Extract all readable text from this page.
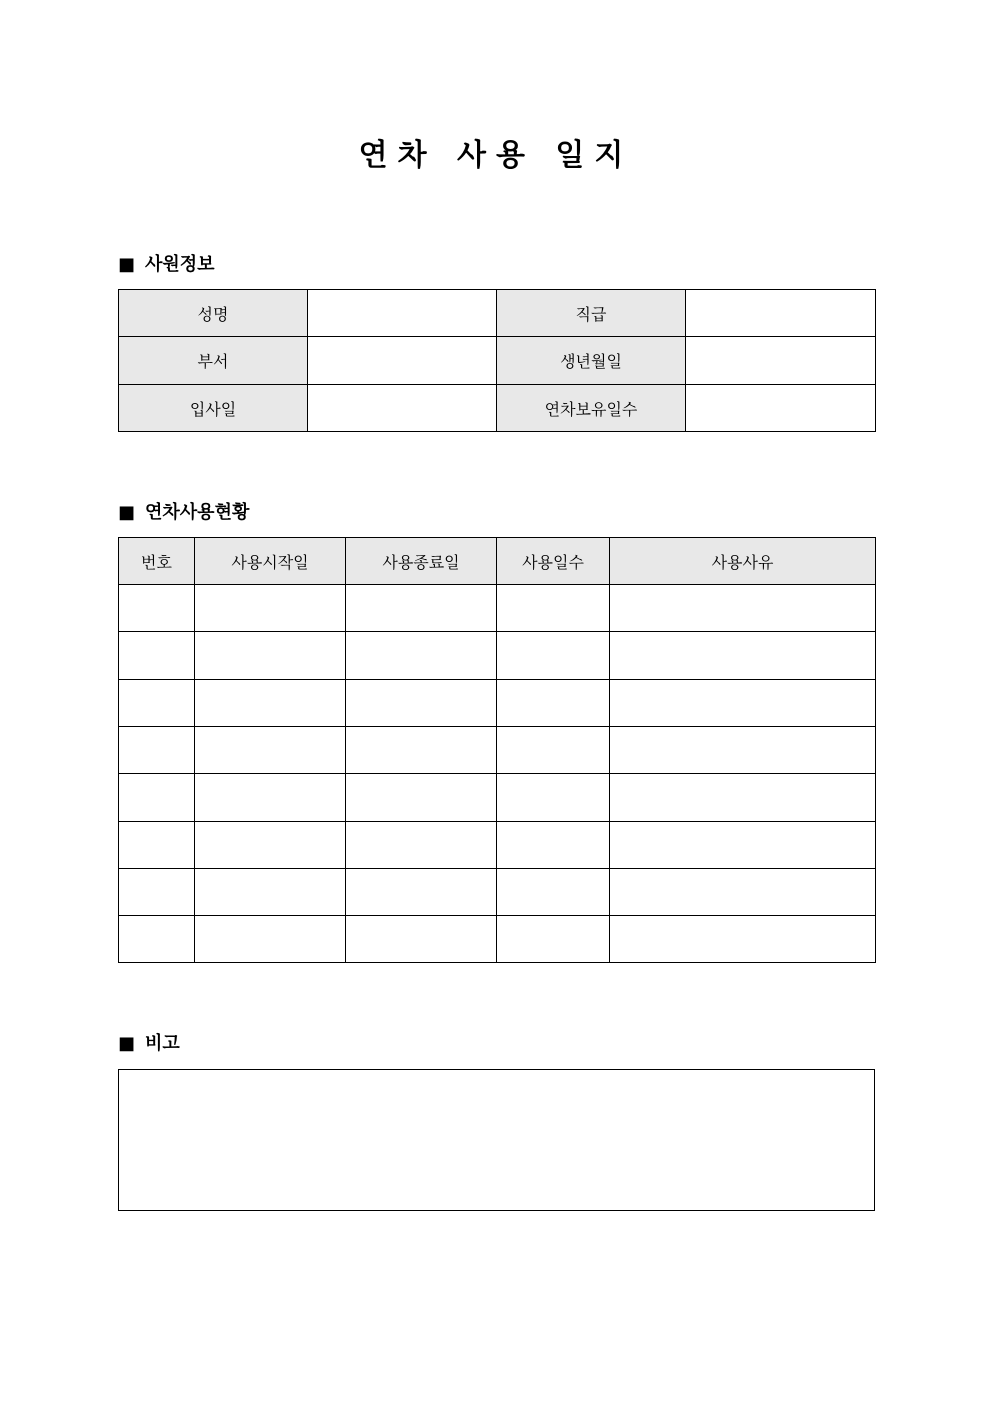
연차 사용 일지
■ 사원정보
성명		직급	
부서		생년월일	
입사일		연차보유일수	
■ 연차사용현황
번호	사용시작일	사용종료일	사용일수	사용사유

■ 비고
